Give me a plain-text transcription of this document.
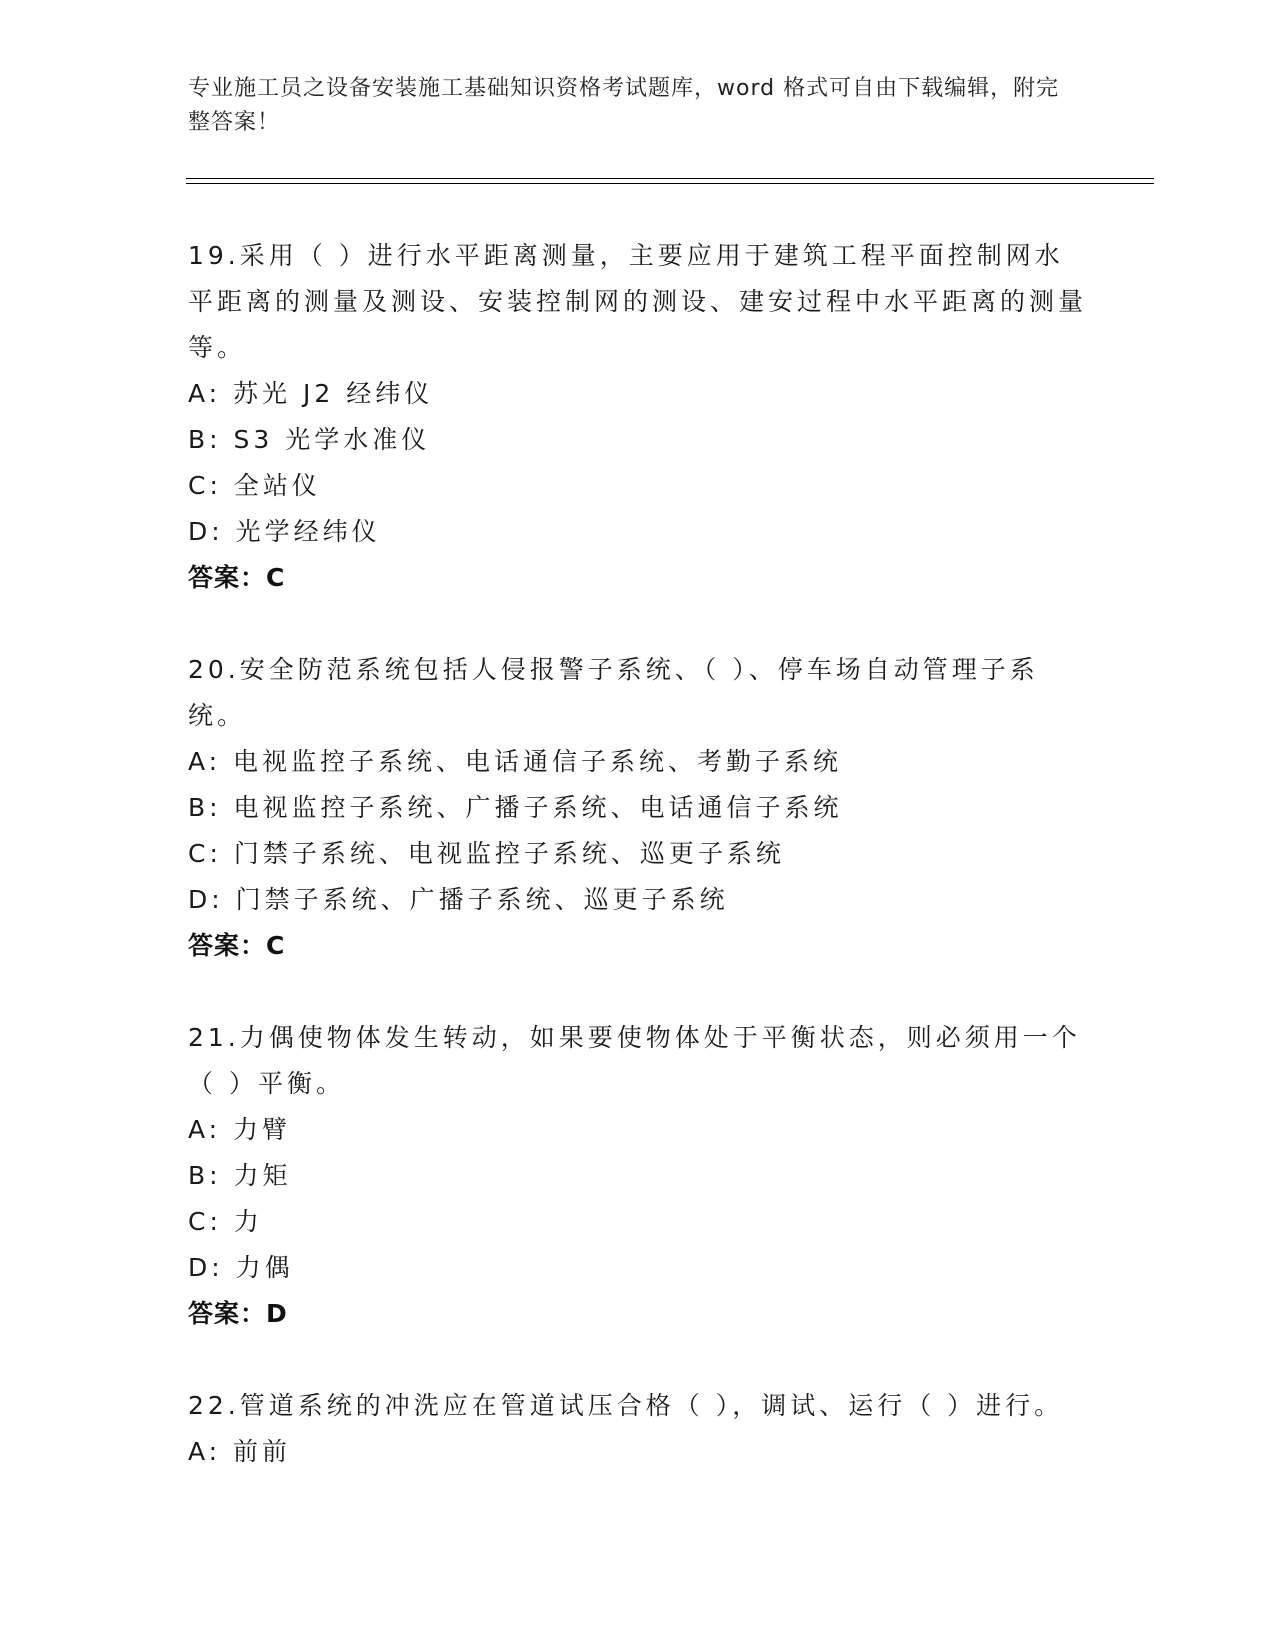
专业施工员之设备安装施工基础知识资格考试题库，word 格式可自由下载编辑，附完整答案！
19.采用（ ）进行水平距离测量，主要应用于建筑工程平面控制网水平距离的测量及测设、安装控制网的测设、建安过程中水平距离的测量等。
A: 苏光 J2 经纬仪
B: S3 光学水准仪
C: 全站仪
D: 光学经纬仪
答案：C
20.安全防范系统包括人侵报警子系统、（ ）、停车场自动管理子系统。
A: 电视监控子系统、电话通信子系统、考勤子系统
B: 电视监控子系统、广播子系统、电话通信子系统
C: 门禁子系统、电视监控子系统、巡更子系统
D: 门禁子系统、广播子系统、巡更子系统
答案：C
21.力偶使物体发生转动，如果要使物体处于平衡状态，则必须用一个（ ）平衡。
A: 力臂
B: 力矩
C: 力
D: 力偶
答案：D
22.管道系统的冲洗应在管道试压合格（ ），调试、运行（ ）进行。
A: 前前
